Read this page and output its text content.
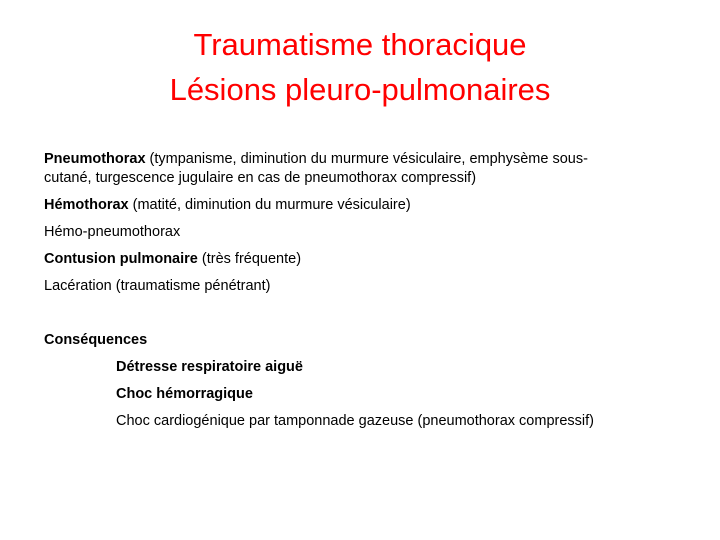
Traumatisme thoracique
Lésions pleuro-pulmonaires
Pneumothorax (tympanisme, diminution du murmure vésiculaire, emphysème sous-
cutané, turgescence jugulaire en cas de pneumothorax compressif)
Hémothorax (matité, diminution du murmure vésiculaire)
Hémo-pneumothorax
Contusion pulmonaire (très fréquente)
Lacération (traumatisme pénétrant)
Conséquences
Détresse respiratoire aiguë
Choc hémorragique
Choc cardiogénique par tamponnade gazeuse (pneumothorax compressif)
